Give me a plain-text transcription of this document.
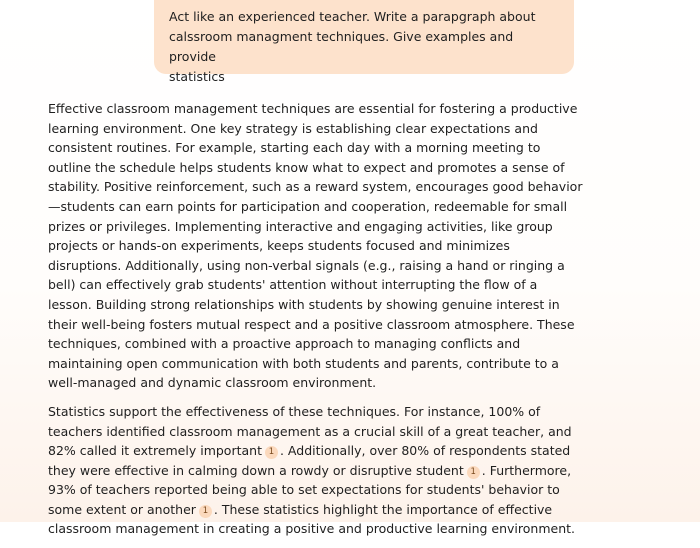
Act like an experienced teacher. Write a parapgraph about
calssroom managment techniques. Give examples and provide
statistics

Effective classroom management techniques are essential for fostering a productive learning environment. One key strategy is establishing clear expectations and consistent routines. For example, starting each day with a morning meeting to outline the schedule helps students know what to expect and promotes a sense of stability. Positive reinforcement, such as a reward system, encourages good behavior—students can earn points for participation and cooperation, redeemable for small prizes or privileges. Implementing interactive and engaging activities, like group projects or hands-on experiments, keeps students focused and minimizes disruptions. Additionally, using non-verbal signals (e.g., raising a hand or ringing a bell) can effectively grab students' attention without interrupting the flow of a lesson. Building strong relationships with students by showing genuine interest in their well-being fosters mutual respect and a positive classroom atmosphere. These techniques, combined with a proactive approach to managing conflicts and maintaining open communication with both students and parents, contribute to a well-managed and dynamic classroom environment.

Statistics support the effectiveness of these techniques. For instance, 100% of teachers identified classroom management as a crucial skill of a great teacher, and 82% called it extremely important 1 . Additionally, over 80% of respondents stated they were effective in calming down a rowdy or disruptive student 1 . Furthermore, 93% of teachers reported being able to set expectations for students' behavior to some extent or another 1 . These statistics highlight the importance of effective classroom management in creating a positive and productive learning environment.
